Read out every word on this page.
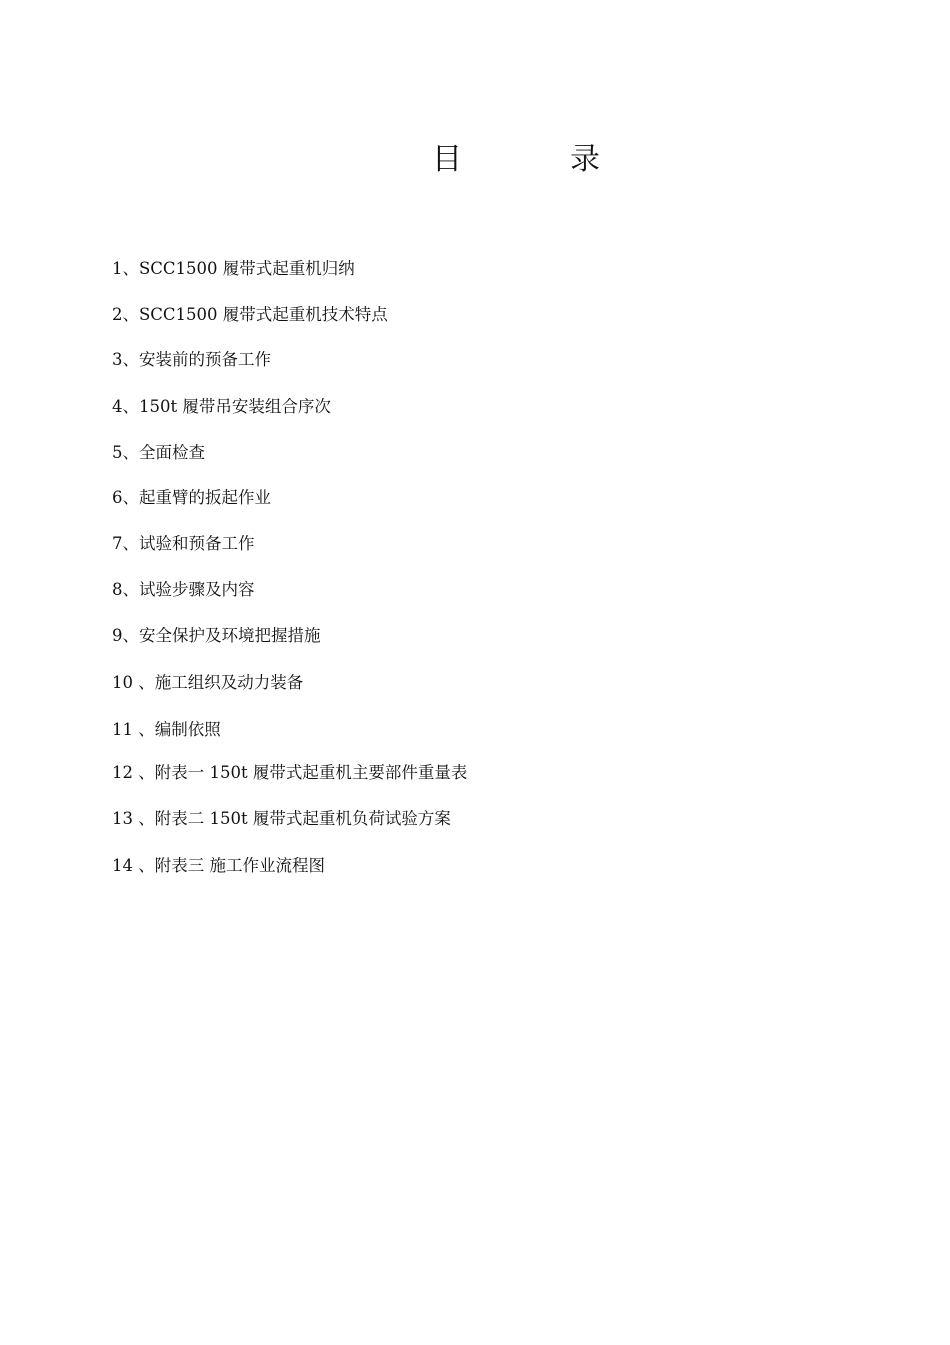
目	录
1、SCC1500 履带式起重机归纳
2、SCC1500 履带式起重机技术特点
3、安装前的预备工作
4、150t 履带吊安装组合序次
5、全面检查
6、起重臂的扳起作业
7、试验和预备工作
8、试验步骤及内容
9、安全保护及环境把握措施
10 、施工组织及动力装备
11 、编制依照
12 、附表一 150t 履带式起重机主要部件重量表
13 、附表二 150t 履带式起重机负荷试验方案
14 、附表三 施工作业流程图
